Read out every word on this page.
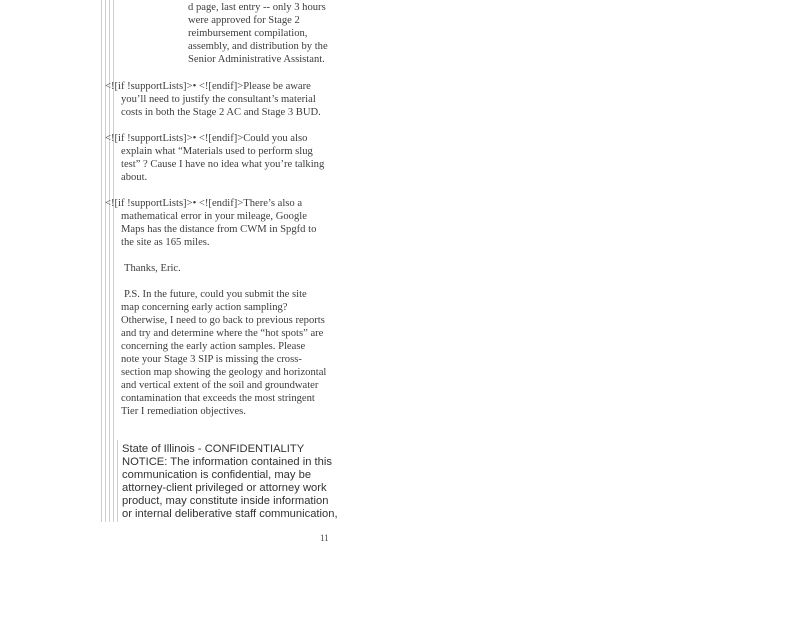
d page, last entry -- only 3 hours

were approved for Stage 2

reimbursement compilation,

assembly, and distribution by the

Senior Administrative Assistant.

<![if !supportLists]>• <![endif]>Please be aware

you’ll need to justify the consultant’s material

costs in both the Stage 2 AC and Stage 3 BUD.

<![if !supportLists]>• <![endif]>Could you also

explain what “Materials used to perform slug

test” ? Cause I have no idea what you’re talking

about.

<![if !supportLists]>• <![endif]>There’s also a

mathematical error in your mileage, Google

Maps has the distance from CWM in Spgfd to

the site as 165 miles.

Thanks, Eric.

P.S. In the future, could you submit the site

map concerning early action sampling?

Otherwise, I need to go back to previous reports

and try and determine where the “hot spots” are

concerning the early action samples. Please

note your Stage 3 SIP is missing the cross-

section map showing the geology and horizontal

and vertical extent of the soil and groundwater

contamination that exceeds the most stringent

Tier I remediation objectives.

State of Illinois - CONFIDENTIALITY

NOTICE: The information contained in this

communication is confidential, may be

attorney-client privileged or attorney work

product, may constitute inside information

or internal deliberative staff communication,

11
